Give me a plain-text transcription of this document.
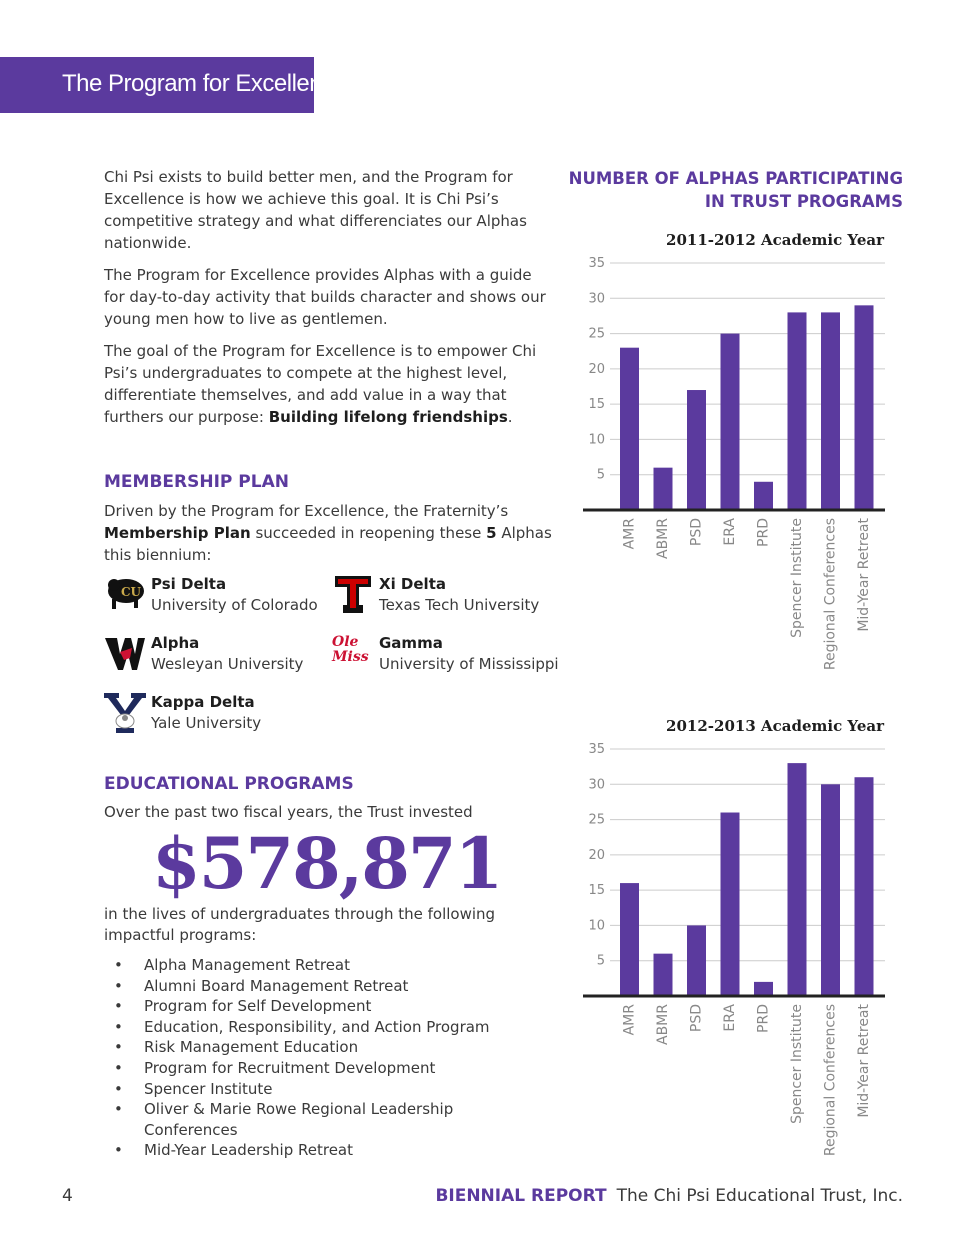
The Program for Excellence

Chi Psi exists to build better men, and the Program for Excellence is how we achieve this goal. It is Chi Psi’s competitive strategy and what differenciates our Alphas nationwide.

The Program for Excellence provides Alphas with a guide for day-to-day activity that builds character and shows our young men how to live as gentlemen.

The goal of the Program for Excellence is to empower Chi Psi’s undergraduates to compete at the highest level, differentiate themselves, and add value in a way that furthers our purpose: Building lifelong friendships.

MEMBERSHIP PLAN

Driven by the Program for Excellence, the Fraternity’s Membership Plan succeeded in reopening these 5 Alphas this biennium:

CU Psi Delta
University of Colorado
Xi Delta
Texas Tech University
Alpha
Wesleyan University
Ole Miss
Gamma
University of Mississippi
Kappa Delta
Yale University
EDUCATIONAL PROGRAMS
Over the past two fiscal years, the Trust invested
$578,871
in the lives of undergraduates through the following impactful programs:
• Alpha Management Retreat
• Alumni Board Management Retreat
• Program for Self Development
• Education, Responsibility, and Action Program
• Risk Management Education
• Program for Recruitment Development
• Spencer Institute
• Oliver & Marie Rowe Regional Leadership Conferences
• Mid-Year Leadership Retreat
NUMBER OF ALPHAS PARTICIPATING
IN TRUST PROGRAMS
2011-2012 Academic Year
5
10
15
20
25
30
35
AMR ABMR PSD ERA PRD Spencer Institute Regional Conferences Mid-Year Retreat
2012-2013 Academic Year
5
10
15
20
25
30
35
AMR ABMR PSD ERA PRD Spencer Institute Regional Conferences Mid-Year Retreat
4	BIENNIAL REPORT The Chi Psi Educational Trust, Inc.
